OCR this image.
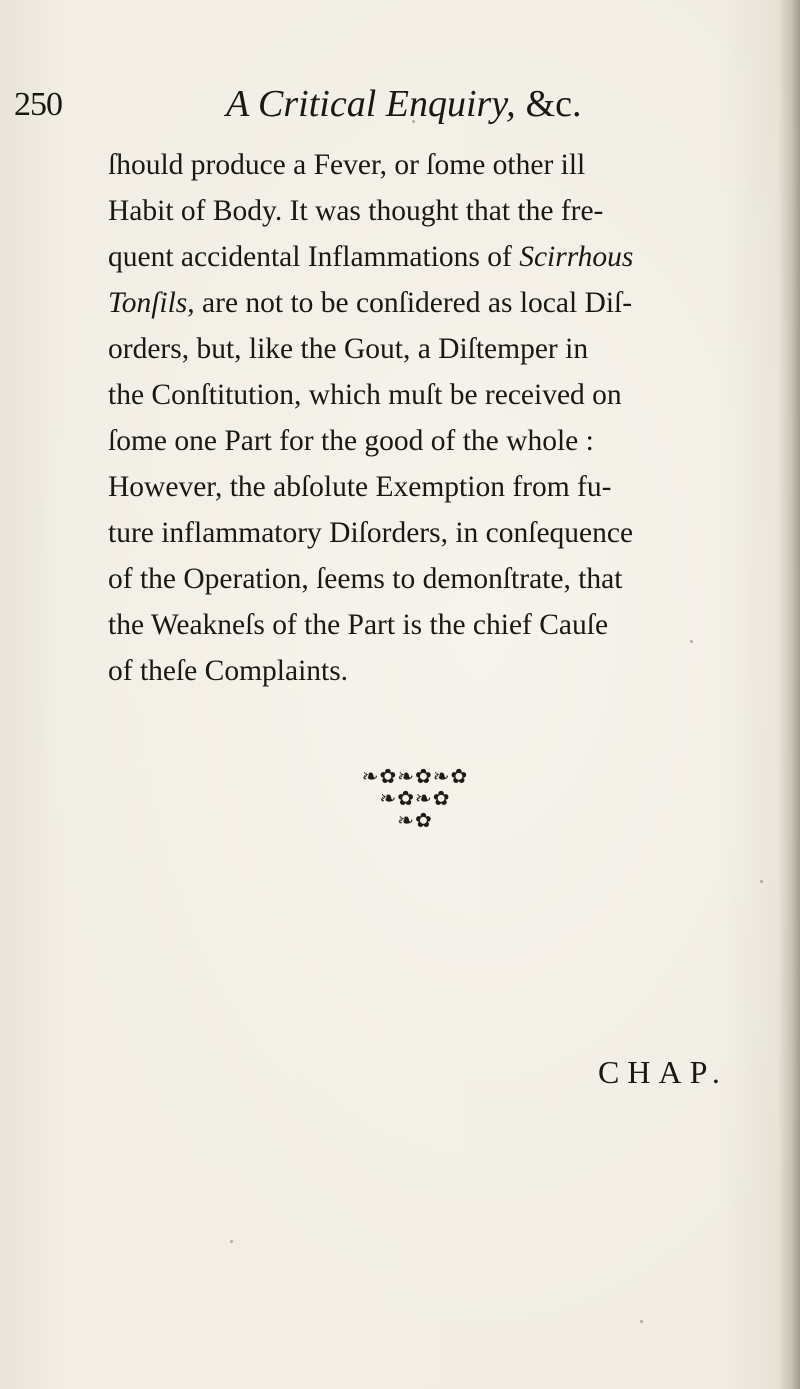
250	A Critical Enquiry, &c.
ſhould produce a Fever, or ſome other ill
Habit of Body. It was thought that the fre-
quent accidental Inflammations of Scirrhous
Tonſils, are not to be conſidered as local Diſ-
orders, but, like the Gout, a Diſtemper in
the Conſtitution, which muſt be received on
ſome one Part for the good of the whole :
However, the abſolute Exemption from fu-
ture inflammatory Diſorders, in conſequence
of the Operation, ſeems to demonſtrate, that
the Weakneſs of the Part is the chief Cauſe
of theſe Complaints.
❧✿❧✿❧✿
❧✿❧✿
❧✿
CHAP.
